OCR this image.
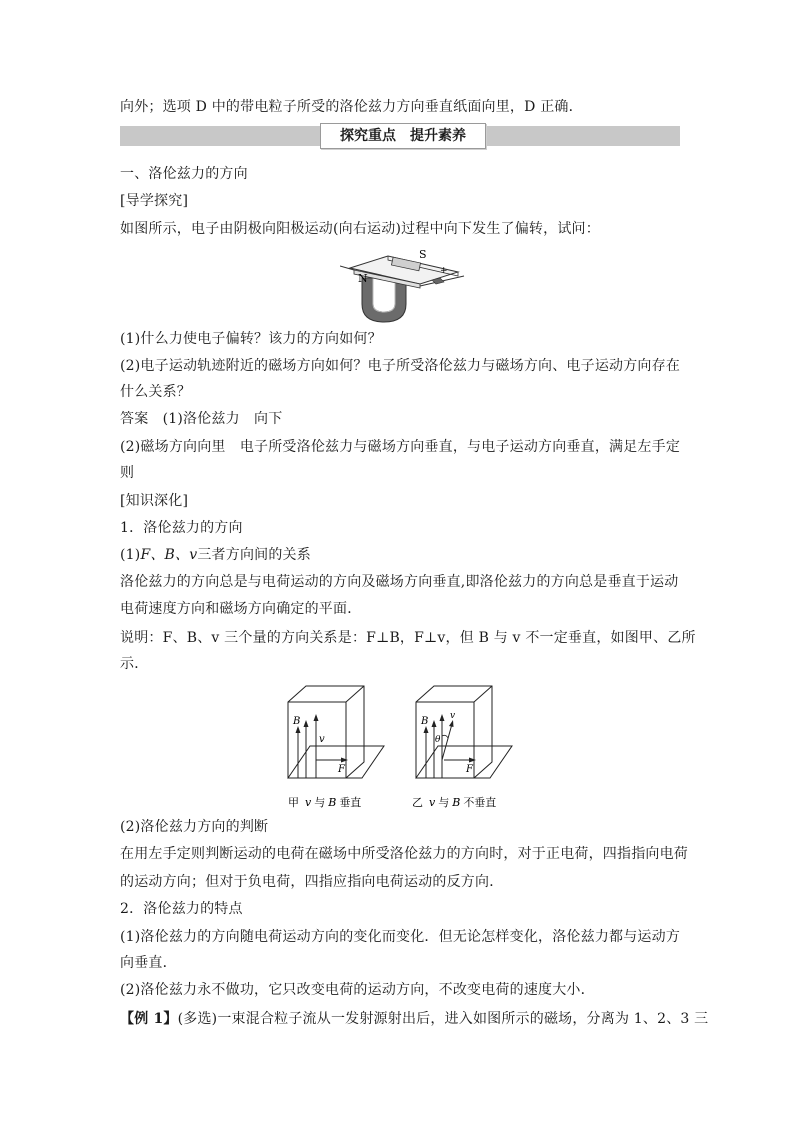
向外；选项 D 中的带电粒子所受的洛伦兹力方向垂直纸面向里，D 正确．
探究重点　提升素养
一、洛伦兹力的方向
[导学探究]
如图所示，电子由阴极向阳极运动(向右运动)过程中向下发生了偏转，试问：
S
N
+
(1)什么力使电子偏转？该力的方向如何？
(2)电子运动轨迹附近的磁场方向如何？电子所受洛伦兹力与磁场方向、电子运动方向存在
什么关系？
答案　(1)洛伦兹力　向下
(2)磁场方向向里　电子所受洛伦兹力与磁场方向垂直，与电子运动方向垂直，满足左手定
则
[知识深化]
1．洛伦兹力的方向
(1)F、B、v三者方向间的关系
洛伦兹力的方向总是与电荷运动的方向及磁场方向垂直,即洛伦兹力的方向总是垂直于运动
电荷速度方向和磁场方向确定的平面．
说明：F、B、v 三个量的方向关系是：F⊥B，F⊥v，但 B 与 v 不一定垂直，如图甲、乙所
示．
B
v
F
甲 v 与 B 垂直
B v
θ
F
乙 v 与 B 不垂直
(2)洛伦兹力方向的判断
在用左手定则判断运动的电荷在磁场中所受洛伦兹力的方向时，对于正电荷，四指指向电荷
的运动方向；但对于负电荷，四指应指向电荷运动的反方向．
2．洛伦兹力的特点
(1)洛伦兹力的方向随电荷运动方向的变化而变化．但无论怎样变化，洛伦兹力都与运动方
向垂直．
(2)洛伦兹力永不做功，它只改变电荷的运动方向，不改变电荷的速度大小．
【例 1】(多选)一束混合粒子流从一发射源射出后，进入如图所示的磁场，分离为 1、2、3 三
